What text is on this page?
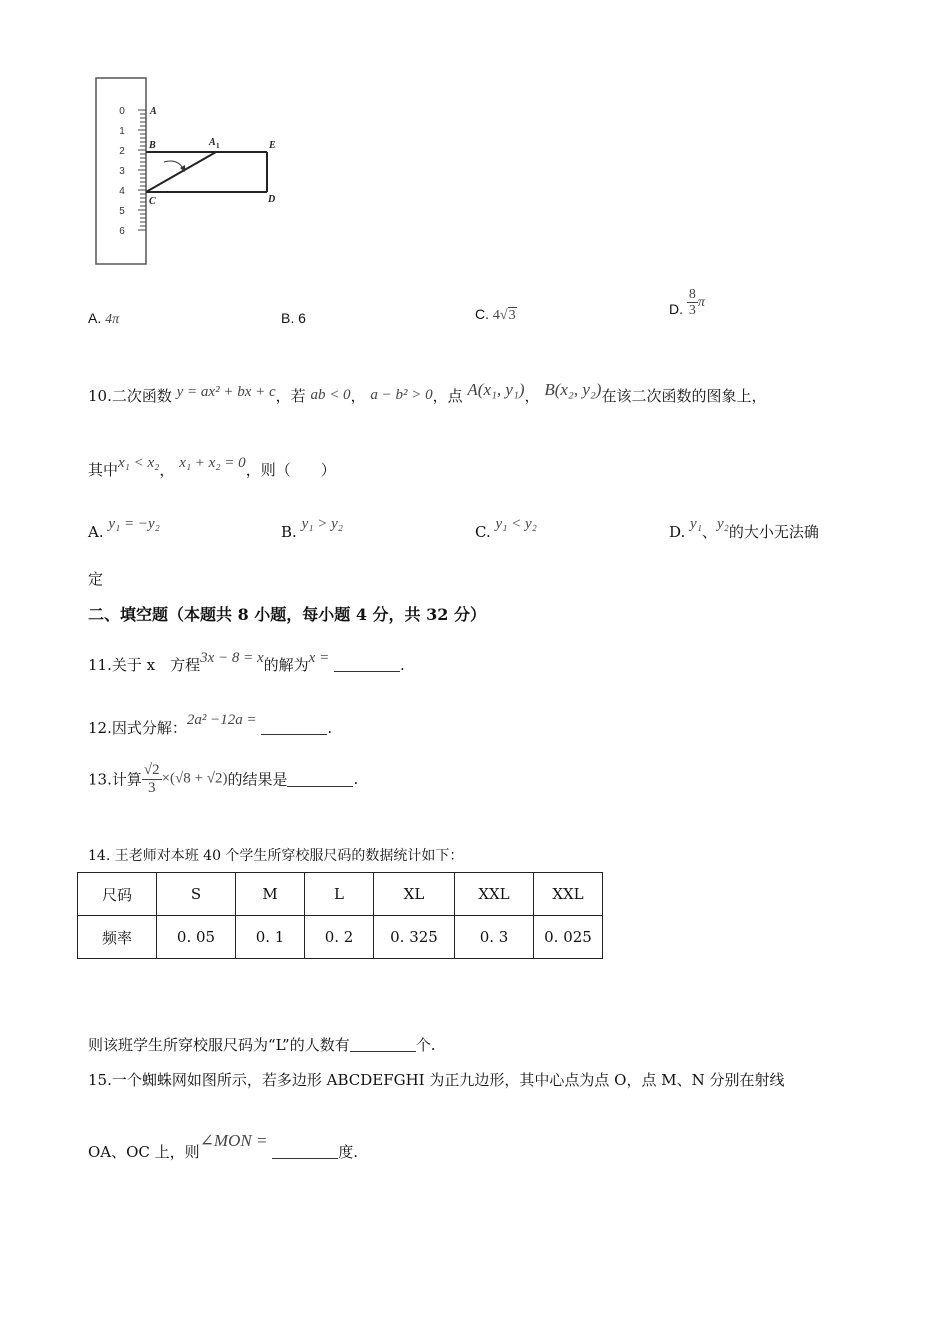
0
1
2
3
4
5
6
A
B	A 1	E
C	D
A. 4π	B. 6	C. 4√3	D. $\frac{8}{3}$ π
10.二次函数 y = ax² + bx + c，若 ab < 0， a − b² > 0，点 A(x₁, y₁)， B(x₂, y₂)在该二次函数的图象上，
其中x₁ < x₂， x₁ + x₂ = 0，则（　　）
A. y₁ = −y₂	B. y₁ > y₂	C. y₁ < y₂	D. y₁、y₂的大小无法确
定
二、填空题（本题共 8 小题，每小题 4 分，共 32 分）
11.关于 x　方程3x − 8 = x的解为x =	.
12.因式分解：2a² −12a =	.
13.计算 $\frac{√2}{3} \times(√8 + √2)$的结果是	.
14. 王老师对本班 40 个学生所穿校服尺码的数据统计如下：
尺码	S	M	L	XL	XXL	XXL
频率	0. 05	0. 1	0. 2	0. 325	0. 3	0. 025
则该班学生所穿校服尺码为“L”的人数有	个.
15.一个蜘蛛网如图所示，若多边形 ABCDEFGHI 为正九边形，其中心点为点 O，点 M、N 分别在射线
OA、OC 上，则∠MON = 度.
